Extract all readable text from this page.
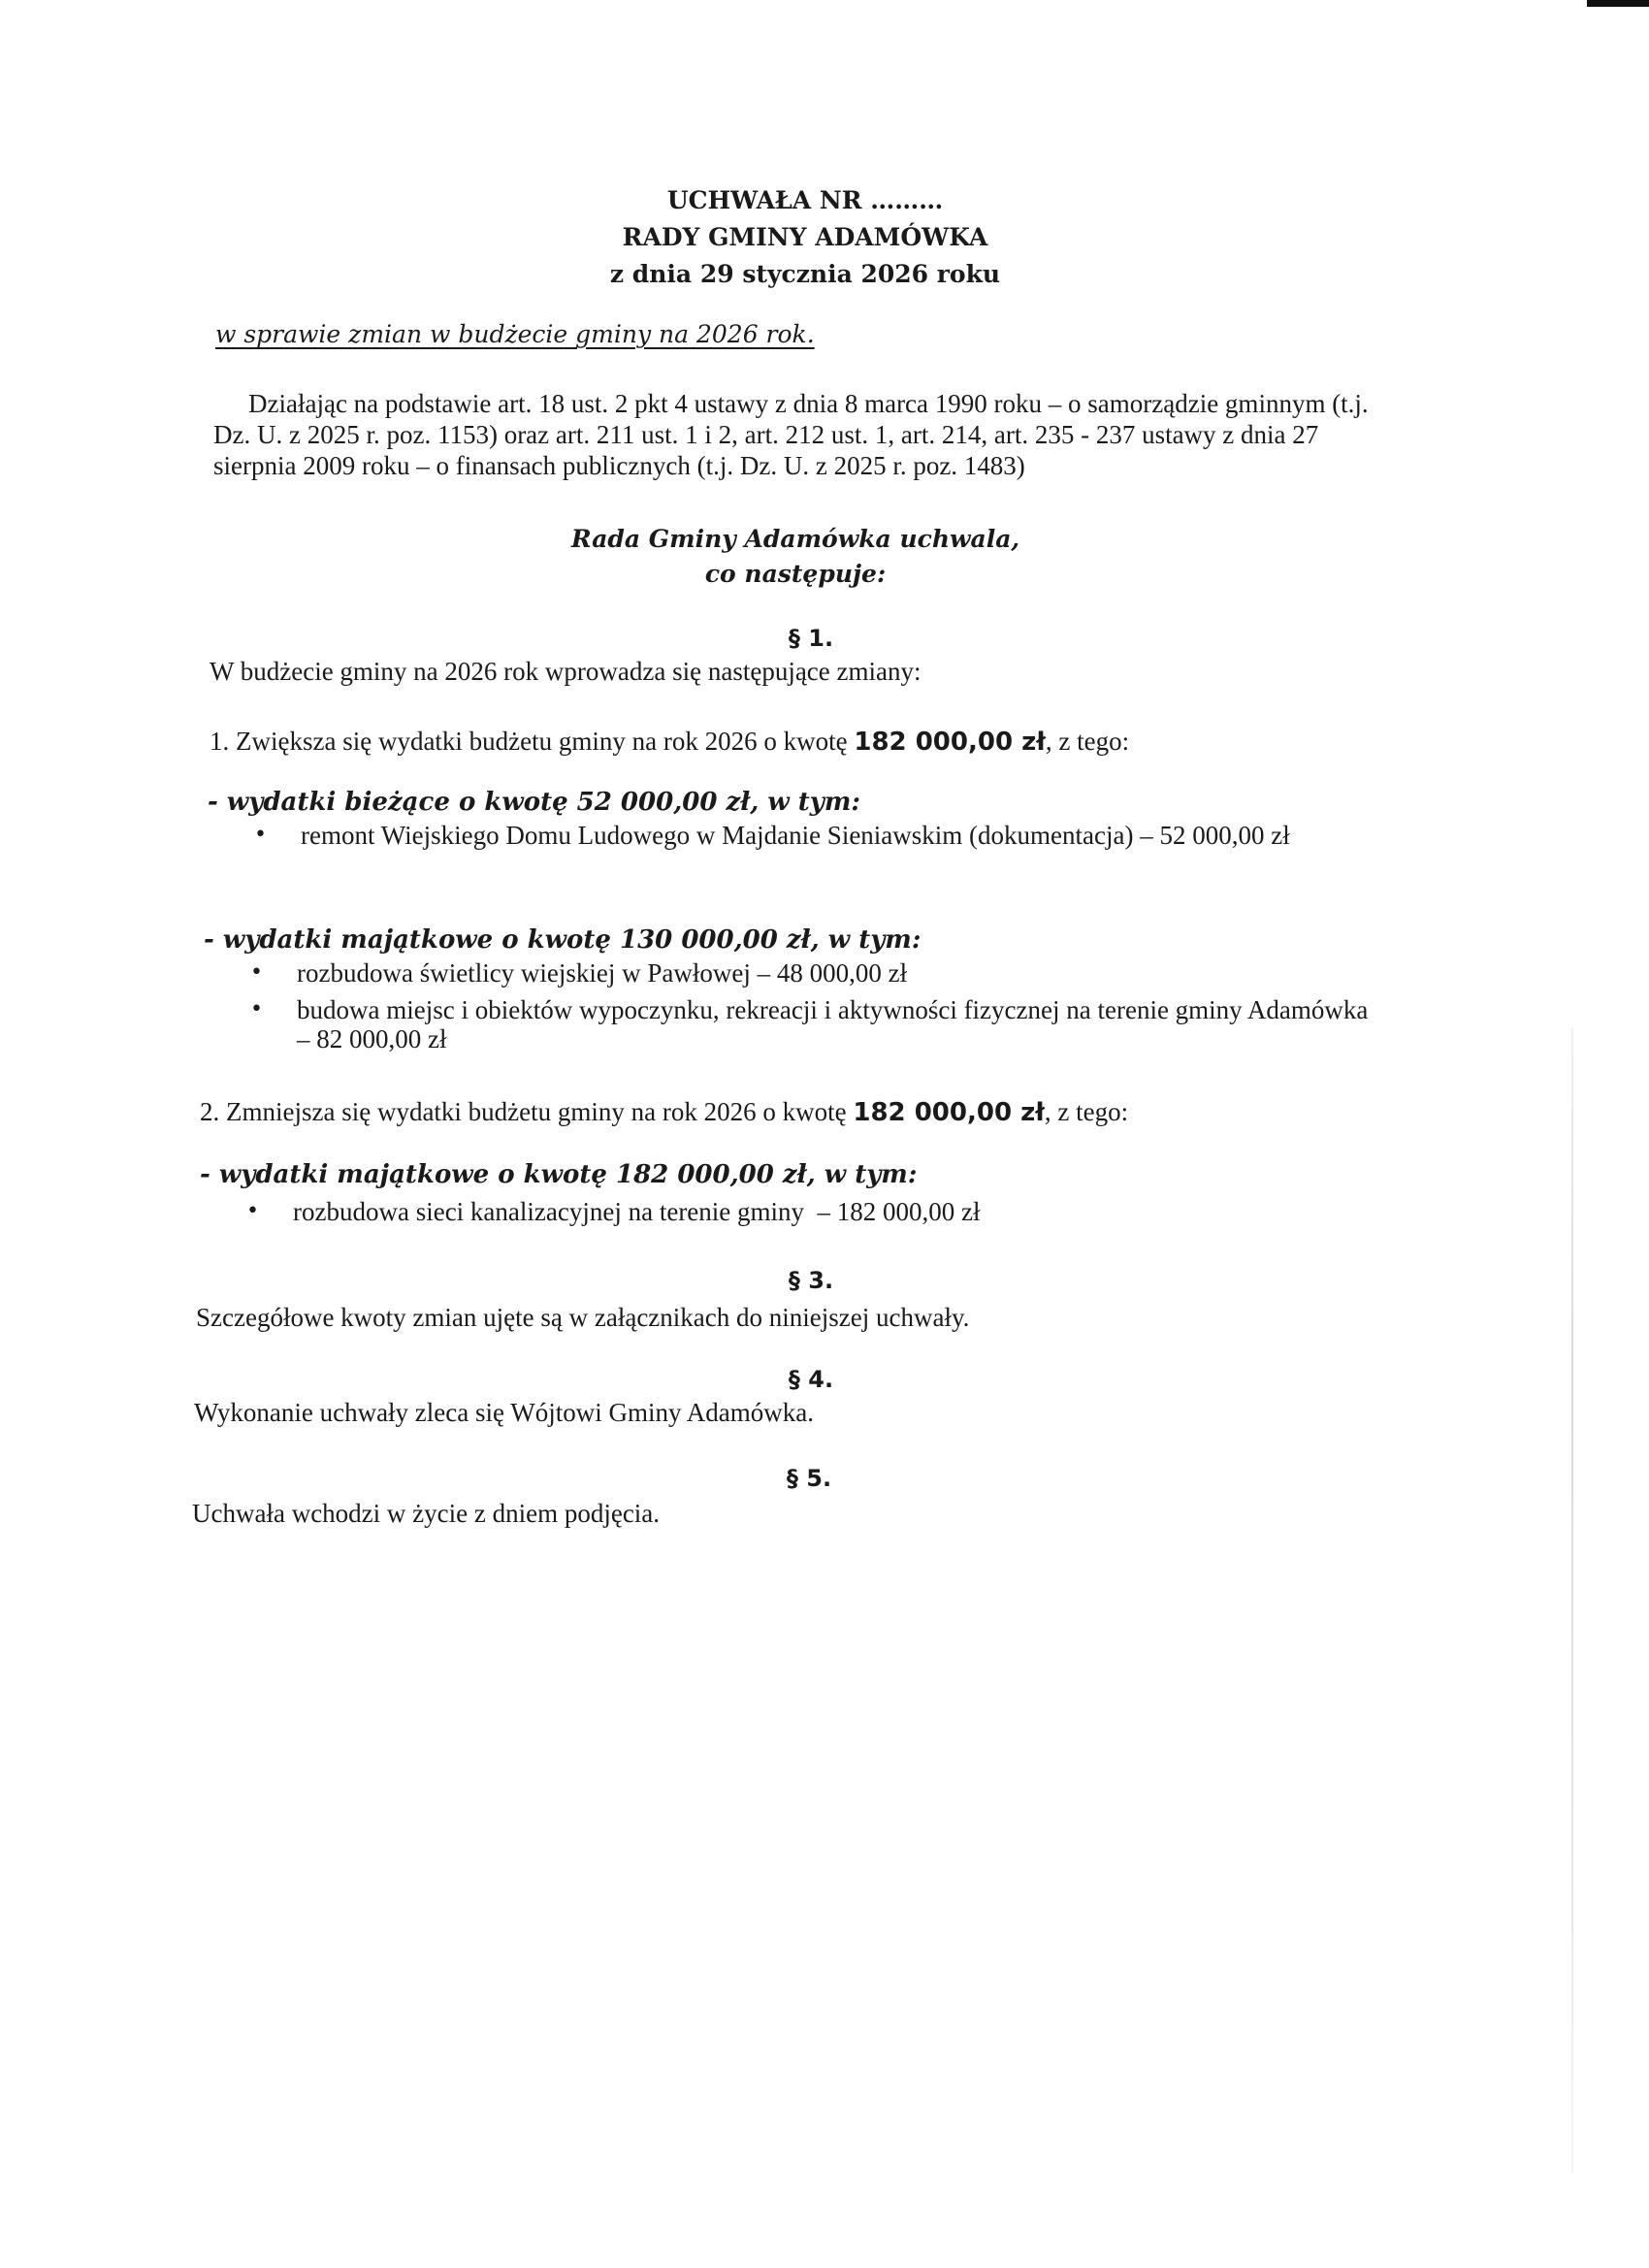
UCHWAŁA NR ………
RADY GMINY ADAMÓWKA
z dnia 29 stycznia 2026 roku
w sprawie zmian w budżecie gminy na 2026 rok.
Działając na podstawie art. 18 ust. 2 pkt 4 ustawy z dnia 8 marca 1990 roku – o samorządzie gminnym (t.j. Dz. U. z 2025 r. poz. 1153) oraz art. 211 ust. 1 i 2, art. 212 ust. 1, art. 214, art. 235 - 237 ustawy z dnia 27 sierpnia 2009 roku – o finansach publicznych (t.j. Dz. U. z 2025 r. poz. 1483)
Rada Gminy Adamówka uchwala,
co następuje:
§ 1.
W budżecie gminy na 2026 rok wprowadza się następujące zmiany:
1. Zwiększa się wydatki budżetu gminy na rok 2026 o kwotę 182 000,00 zł, z tego:
- wydatki bieżące o kwotę 52 000,00 zł, w tym:
• remont Wiejskiego Domu Ludowego w Majdanie Sieniawskim (dokumentacja) – 52 000,00 zł
- wydatki majątkowe o kwotę 130 000,00 zł, w tym:
• rozbudowa świetlicy wiejskiej w Pawłowej – 48 000,00 zł
• budowa miejsc i obiektów wypoczynku, rekreacji i aktywności fizycznej na terenie gminy Adamówka – 82 000,00 zł
2. Zmniejsza się wydatki budżetu gminy na rok 2026 o kwotę 182 000,00 zł, z tego:
- wydatki majątkowe o kwotę 182 000,00 zł, w tym:
• rozbudowa sieci kanalizacyjnej na terenie gminy  – 182 000,00 zł
§ 3.
Szczegółowe kwoty zmian ujęte są w załącznikach do niniejszej uchwały.
§ 4.
Wykonanie uchwały zleca się Wójtowi Gminy Adamówka.
§ 5.
Uchwała wchodzi w życie z dniem podjęcia.
